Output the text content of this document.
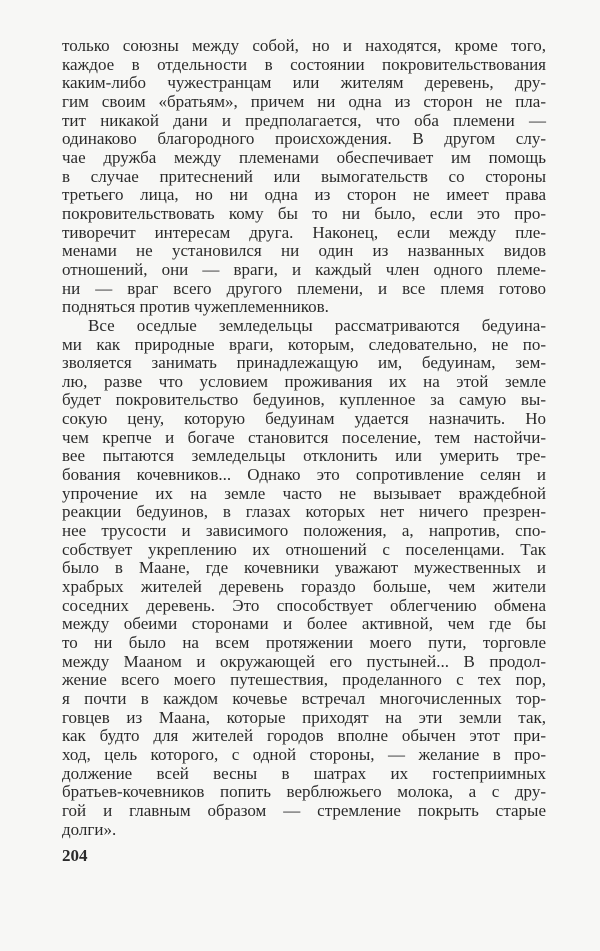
только союзны между собой, но и находятся, кроме того,
каждое в отдельности в состоянии покровительствования
каким-либо чужестранцам или жителям деревень, дру-
гим своим «братьям», причем ни одна из сторон не пла-
тит никакой дани и предполагается, что оба племени —
одинаково благородного происхождения. В другом слу-
чае дружба между племенами обеспечивает им помощь
в случае притеснений или вымогательств со стороны
третьего лица, но ни одна из сторон не имеет права
покровительствовать кому бы то ни было, если это про-
тиворечит интересам друга. Наконец, если между пле-
менами не установился ни один из названных видов
отношений, они — враги, и каждый член одного племе-
ни — враг всего другого племени, и все племя готово
подняться против чужеплеменников.
Все оседлые земледельцы рассматриваются бедуина-
ми как природные враги, которым, следовательно, не по-
зволяется занимать принадлежащую им, бедуинам, зем-
лю, разве что условием проживания их на этой земле
будет покровительство бедуинов, купленное за самую вы-
сокую цену, которую бедуинам удается назначить. Но
чем крепче и богаче становится поселение, тем настойчи-
вее пытаются земледельцы отклонить или умерить тре-
бования кочевников... Однако это сопротивление селян и
упрочение их на земле часто не вызывает враждебной
реакции бедуинов, в глазах которых нет ничего презрен-
нее трусости и зависимого положения, а, напротив, спо-
собствует укреплению их отношений с поселенцами. Так
было в Маане, где кочевники уважают мужественных и
храбрых жителей деревень гораздо больше, чем жители
соседних деревень. Это способствует облегчению обмена
между обеими сторонами и более активной, чем где бы
то ни было на всем протяжении моего пути, торговле
между Мааном и окружающей его пустыней... В продол-
жение всего моего путешествия, проделанного с тех пор,
я почти в каждом кочевье встречал многочисленных тор-
говцев из Маана, которые приходят на эти земли так,
как будто для жителей городов вполне обычен этот при-
ход, цель которого, с одной стороны, — желание в про-
должение всей весны в шатрах их гостеприимных
братьев-кочевников попить верблюжьего молока, а с дру-
гой и главным образом — стремление покрыть старые
долги».
204
